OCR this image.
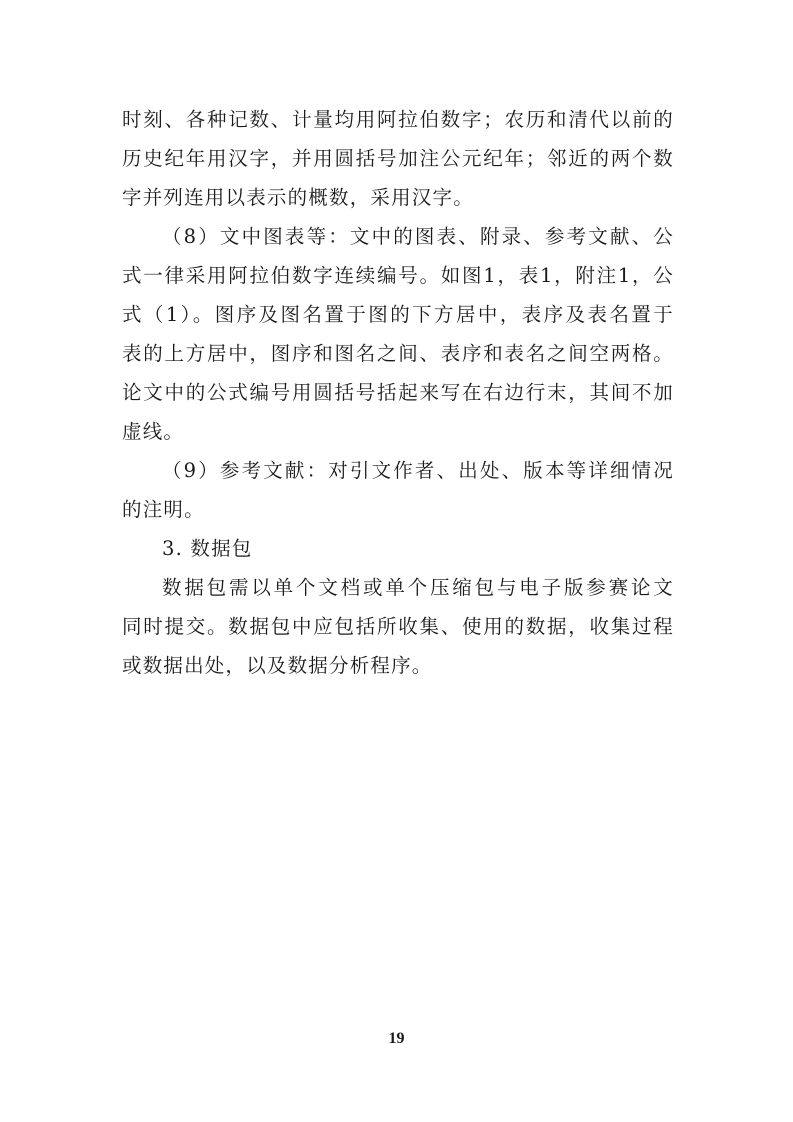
时刻、各种记数、计量均用阿拉伯数字；农历和清代以前的
历史纪年用汉字，并用圆括号加注公元纪年；邻近的两个数
字并列连用以表示的概数，采用汉字。
（8）文中图表等：文中的图表、附录、参考文献、公
式一律采用阿拉伯数字连续编号。如图1，表1，附注1，公
式（1）。图序及图名置于图的下方居中，表序及表名置于
表的上方居中，图序和图名之间、表序和表名之间空两格。
论文中的公式编号用圆括号括起来写在右边行末，其间不加
虚线。
（9）参考文献：对引文作者、出处、版本等详细情况
的注明。
3. 数据包
数据包需以单个文档或单个压缩包与电子版参赛论文
同时提交。数据包中应包括所收集、使用的数据，收集过程
或数据出处，以及数据分析程序。
19
